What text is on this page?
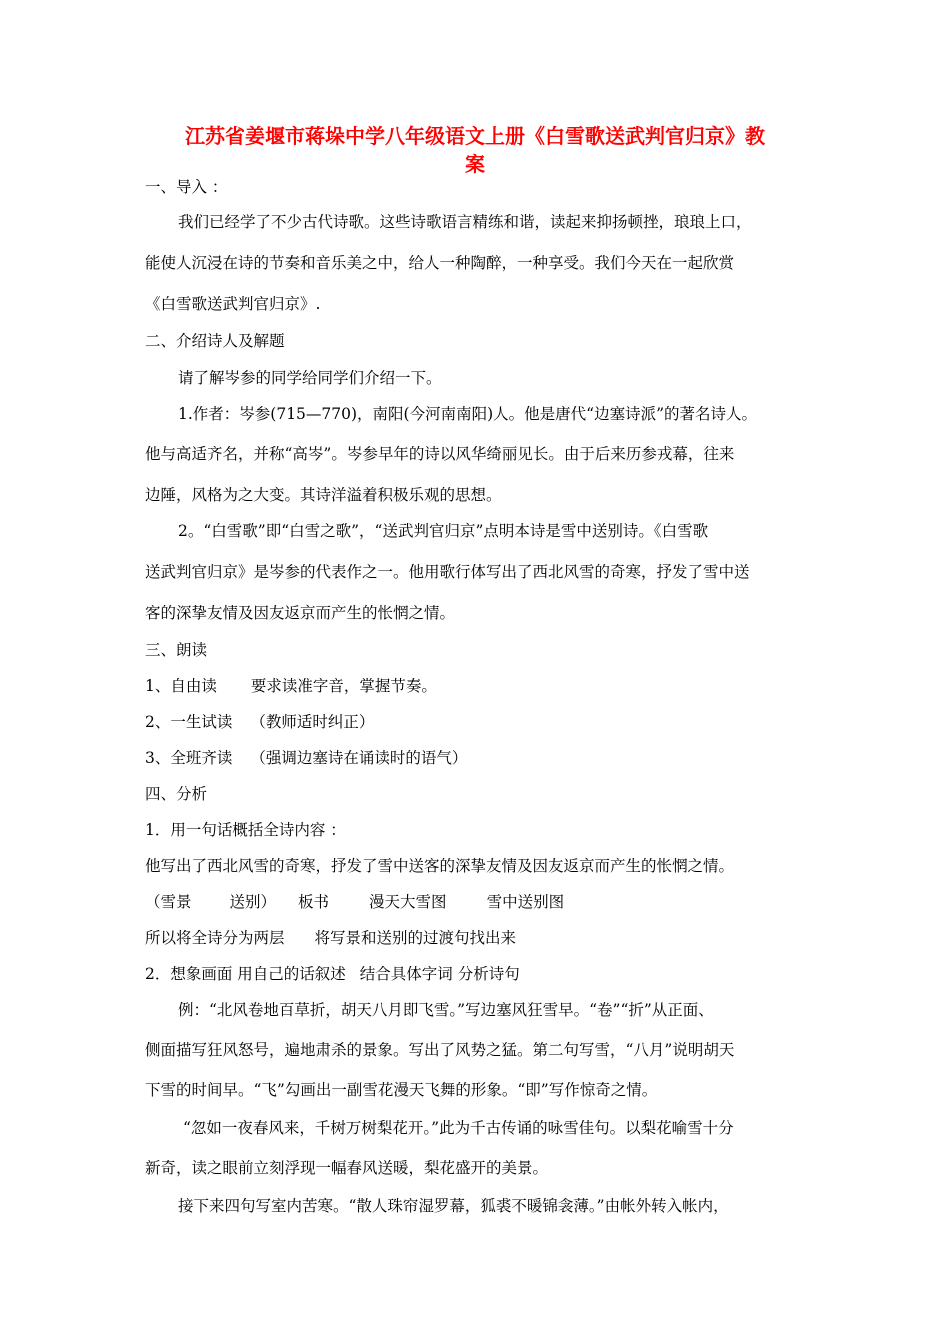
江苏省姜堰市蒋垛中学八年级语文上册《白雪歌送武判官归京》教
案

一、导入 ：

我们已经学了不少古代诗歌。这些诗歌语言精练和谐，读起来抑扬顿挫，琅琅上口，

能使人沉浸在诗的节奏和音乐美之中，给人一种陶醉，一种享受。我们今天在一起欣赏

《白雪歌送武判官归京》.

二、介绍诗人及解题

请了解岑参的同学给同学们介绍一下。

1.作者：岑参(715—770)，南阳(今河南南阳)人。他是唐代“边塞诗派”的著名诗人。

他与高适齐名，并称“高岑”。岑参早年的诗以风华绮丽见长。由于后来历参戎幕，往来

边陲，风格为之大变。其诗洋溢着积极乐观的思想。

2。“白雪歌”即“白雪之歌”，“送武判官归京”点明本诗是雪中送别诗。《白雪歌

送武判官归京》是岑参的代表作之一。他用歌行体写出了西北风雪的奇寒，抒发了雪中送

客的深挚友情及因友返京而产生的怅惘之情。

三、朗读

1、自由读 要求读准字音，掌握节奏。

2、一生试读 （教师适时纠正）

3、全班齐读 （强调边塞诗在诵读时的语气）

四、分析

1．用一句话概括全诗内容 ：

他写出了西北风雪的奇寒，抒发了雪中送客的深挚友情及因友返京而产生的怅惘之情。

（雪景 送别） 板书	漫天大雪图	雪中送别图

所以将全诗分为两层 将写景和送别的过渡句找出来

2．想象画面 用自己的话叙述 结合具体字词 分析诗句

例：“北风卷地百草折，胡天八月即飞雪。”写边塞风狂雪早。“卷”“折”从正面、

侧面描写狂风怒号，遍地肃杀的景象。写出了风势之猛。第二句写雪，“八月”说明胡天

下雪的时间早。“飞”勾画出一副雪花漫天飞舞的形象。“即”写作惊奇之情。

“忽如一夜春风来，千树万树梨花开。”此为千古传诵的咏雪佳句。以梨花喻雪十分

新奇，读之眼前立刻浮现一幅春风送暖，梨花盛开的美景。

接下来四句写室内苦寒。“散人珠帘湿罗幕，狐裘不暖锦衾薄。”由帐外转入帐内，
